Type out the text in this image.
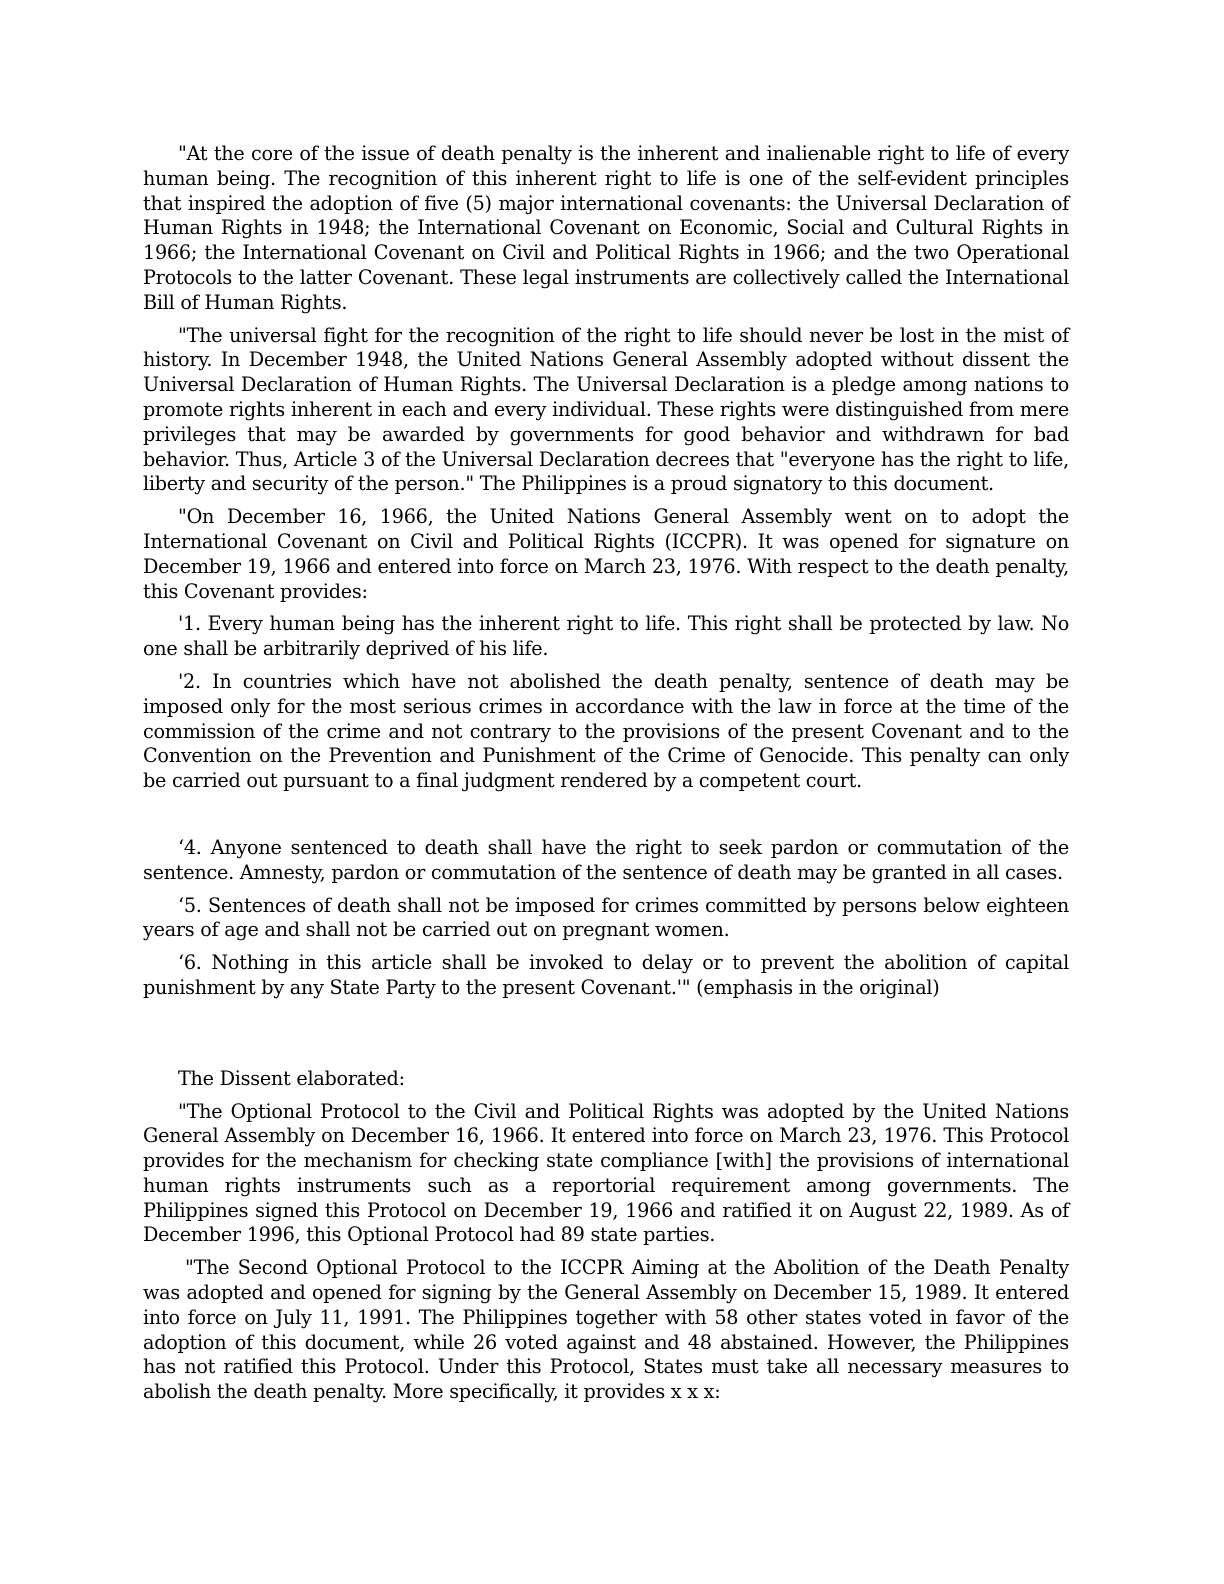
"At the core of the issue of death penalty is the inherent and inalienable right to life of every human being. The recognition of this inherent right to life is one of the self-evident principles that inspired the adoption of five (5) major international covenants: the Universal Declaration of Human Rights in 1948; the International Covenant on Economic, Social and Cultural Rights in 1966; the International Covenant on Civil and Political Rights in 1966; and the two Operational Protocols to the latter Covenant. These legal instruments are collectively called the International Bill of Human Rights.

"The universal fight for the recognition of the right to life should never be lost in the mist of history. In December 1948, the United Nations General Assembly adopted without dissent the Universal Declaration of Human Rights. The Universal Declaration is a pledge among nations to promote rights inherent in each and every individual. These rights were distinguished from mere privileges that may be awarded by governments for good behavior and withdrawn for bad behavior. Thus, Article 3 of the Universal Declaration decrees that "everyone has the right to life, liberty and security of the person." The Philippines is a proud signatory to this document.

"On December 16, 1966, the United Nations General Assembly went on to adopt the International Covenant on Civil and Political Rights (ICCPR). It was opened for signature on December 19, 1966 and entered into force on March 23, 1976. With respect to the death penalty, this Covenant provides:

'1. Every human being has the inherent right to life. This right shall be protected by law. No one shall be arbitrarily deprived of his life.

'2. In countries which have not abolished the death penalty, sentence of death may be imposed only for the most serious crimes in accordance with the law in force at the time of the commission of the crime and not contrary to the provisions of the present Covenant and to the Convention on the Prevention and Punishment of the Crime of Genocide. This penalty can only be carried out pursuant to a final judgment rendered by a competent court.

‘4. Anyone sentenced to death shall have the right to seek pardon or commutation of the sentence. Amnesty, pardon or commutation of the sentence of death may be granted in all cases.

‘5. Sentences of death shall not be imposed for crimes committed by persons below eighteen years of age and shall not be carried out on pregnant women.

‘6. Nothing in this article shall be invoked to delay or to prevent the abolition of capital punishment by any State Party to the present Covenant.'" (emphasis in the original)

The Dissent elaborated:

"The Optional Protocol to the Civil and Political Rights was adopted by the United Nations General Assembly on December 16, 1966. It entered into force on March 23, 1976. This Protocol provides for the mechanism for checking state compliance [with] the provisions of international human rights instruments such as a reportorial requirement among governments. The Philippines signed this Protocol on December 19, 1966 and ratified it on August 22, 1989. As of December 1996, this Optional Protocol had 89 state parties.

"The Second Optional Protocol to the ICCPR Aiming at the Abolition of the Death Penalty was adopted and opened for signing by the General Assembly on December 15, 1989. It entered into force on July 11, 1991. The Philippines together with 58 other states voted in favor of the adoption of this document, while 26 voted against and 48 abstained. However, the Philippines has not ratified this Protocol. Under this Protocol, States must take all necessary measures to abolish the death penalty. More specifically, it provides x x x:
